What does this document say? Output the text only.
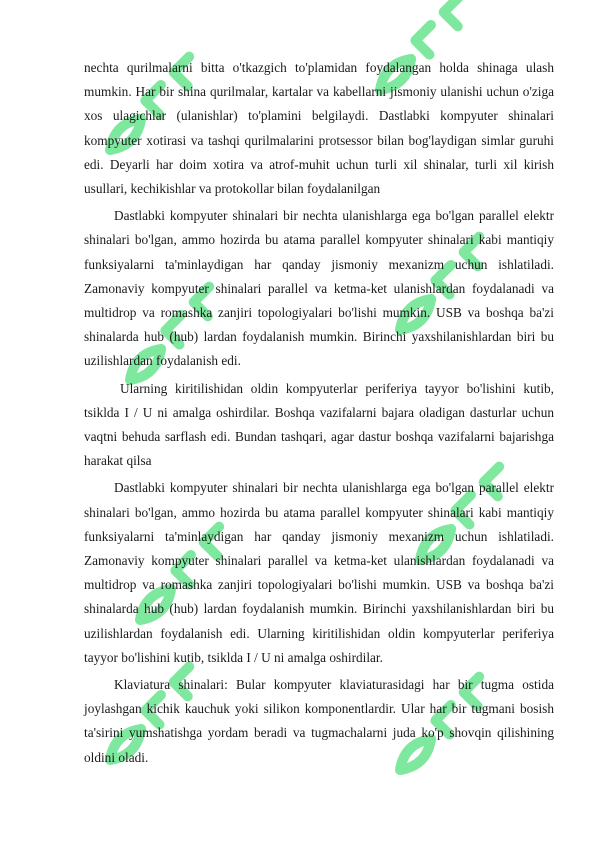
nechta qurilmalarni bitta o'tkazgich to'plamidan foydalangan holda shinaga ulash mumkin. Har bir shina qurilmalar, kartalar va kabellarni jismoniy ulanishi uchun o'ziga xos ulagichlar (ulanishlar) to'plamini belgilaydi. Dastlabki kompyuter shinalari kompyuter xotirasi va tashqi qurilmalarini protsessor bilan bog'laydigan simlar guruhi edi. Deyarli har doim xotira va atrof-muhit uchun turli xil shinalar, turli xil kirish usullari, kechikishlar va protokollar bilan foydalanilgan

Dastlabki kompyuter shinalari bir nechta ulanishlarga ega bo'lgan parallel elektr shinalari bo'lgan, ammo hozirda bu atama parallel kompyuter shinalari kabi mantiqiy funksiyalarni ta'minlaydigan har qanday jismoniy mexanizm uchun ishlatiladi. Zamonaviy kompyuter shinalari parallel va ketma-ket ulanishlardan foydalanadi va multidrop va romashka zanjiri topologiyalari bo'lishi mumkin. USB va boshqa ba'zi shinalarda hub (hub) lardan foydalanish mumkin. Birinchi yaxshilanishlardan biri bu uzilishlardan foydalanish edi.

Ularning kiritilishidan oldin kompyuterlar periferiya tayyor bo'lishini kutib, tsiklda I / U ni amalga oshirdilar. Boshqa vazifalarni bajara oladigan dasturlar uchun vaqtni behuda sarflash edi. Bundan tashqari, agar dastur boshqa vazifalarni bajarishga harakat qilsa

Dastlabki kompyuter shinalari bir nechta ulanishlarga ega bo'lgan parallel elektr shinalari bo'lgan, ammo hozirda bu atama parallel kompyuter shinalari kabi mantiqiy funksiyalarni ta'minlaydigan har qanday jismoniy mexanizm uchun ishlatiladi. Zamonaviy kompyuter shinalari parallel va ketma-ket ulanishlardan foydalanadi va multidrop va romashka zanjiri topologiyalari bo'lishi mumkin. USB va boshqa ba'zi shinalarda hub (hub) lardan foydalanish mumkin. Birinchi yaxshilanishlardan biri bu uzilishlardan foydalanish edi. Ularning kiritilishidan oldin kompyuterlar periferiya tayyor bo'lishini kutib, tsiklda I / U ni amalga oshirdilar.

Klaviatura shinalari: Bular kompyuter klaviaturasidagi har bir tugma ostida joylashgan kichik kauchuk yoki silikon komponentlardir. Ular har bir tugmani bosish ta'sirini yumshatishga yordam beradi va tugmachalarni juda ko'p shovqin qilishining oldini oladi.
